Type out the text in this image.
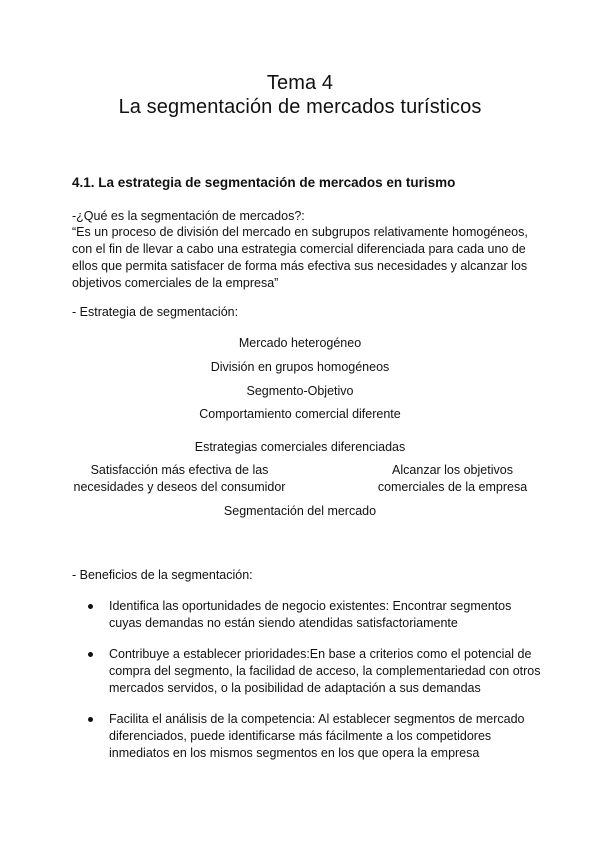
Tema 4
La segmentación de mercados turísticos
4.1. La estrategia de segmentación de mercados en turismo
-¿Qué es la segmentación de mercados?:
“Es un proceso de división del mercado en subgrupos relativamente homogéneos, con el fin de llevar a cabo una estrategia comercial diferenciada para cada uno de ellos que permita satisfacer de forma más efectiva sus necesidades y alcanzar los objetivos comerciales de la empresa”
- Estrategia de segmentación:
Mercado heterogéneo
División en grupos homogéneos
Segmento-Objetivo
Comportamiento comercial diferente
Estrategias comerciales diferenciadas
Satisfacción más efectiva de las necesidades y deseos del consumidor
Alcanzar los objetivos comerciales de la empresa
Segmentación del mercado
- Beneficios de la segmentación:
Identifica las oportunidades de negocio existentes: Encontrar segmentos cuyas demandas no están siendo atendidas satisfactoriamente
Contribuye a establecer prioridades:En base a criterios como el potencial de compra del segmento, la facilidad de acceso, la complementariedad con otros mercados servidos, o la posibilidad de adaptación a sus demandas
Facilita el análisis de la competencia: Al establecer segmentos de mercado diferenciados, puede identificarse más fácilmente a los competidores inmediatos en los mismos segmentos en los que opera la empresa
